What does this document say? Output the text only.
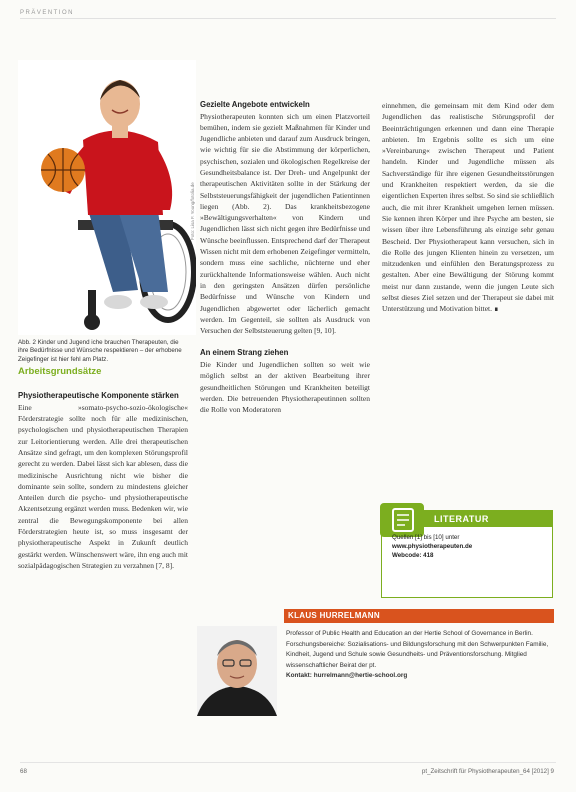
PRÄVENTION
Foto: Lisa F. Young/fotolia.de
Abb. 2 Kinder und Jugend iche brauchen Therapeuten, die ihre Bedürfnisse und Wünsche respektieren – der erhobene Zeigefinger ist hier fehl am Platz.
Arbeitsgrundsätze
Physiotherapeutische Komponente stärken

Eine »somato-psycho-sozio-ökologische« Förderstrategie sollte noch für alle medizinischen, psychologischen und physiotherapeutischen Therapien zur Leitorientierung werden. Alle drei therapeutischen Ansätze sind gefragt, um den komplexen Störungsprofil gerecht zu werden. Dabei lässt sich kar ablesen, dass die medizinische Ausrichtung nicht wie bisher die dominante sein sollte, sondern zu mindestens gleicher Anteilen durch die psycho- und physiotherapeutische Akzentsetzung ergänzt werden muss. Bedenken wir, wie zentral die Bewegungskomponente bei allen Förderstrategien heute ist, so muss insgesamt der physiotherapeutische Aspekt in Zukunft deutlich gestärkt werden. Wünschenswert wäre, ihn eng auch mit sozialpädagogischen Strategien zu verzahnen [7, 8].

Gezielte Angebote entwickeln

Physiotherapeuten konnten sich um einen Platzvorteil bemühen, indem sie gezielt Maßnahmen für Kinder und Jugendliche anbieten und darauf zum Ausdruck bringen, wie wichtig für sie die Abstimmung der körperlichen, psychischen, sozialen und ökologischen Regelkreise der Gesundheitsbalance ist. Der Dreh- und Angelpunkt der therapeutischen Aktivitäten sollte in der Stärkung der Selbststeuerungsfähigkeit der jugendlichen Patientinnen liegen (Abb. 2). Das krankheitsbezogene »Bewältigungsverhalten« von Kindern und Jugendlichen lässt sich nicht gegen ihre Bedürfnisse und Wünsche beeinflussen. Entsprechend darf der Therapeut Wissen nicht mit dem erhobenen Zeigefinger vermitteln, sondern muss eine sachliche, nüchterne und eher zurückhaltende Informationsweise wählen. Auch nicht in den geringsten Ansätzen dürfen persönliche Bedürfnisse und Wünsche von Kindern und Jugendlichen abgewertet oder lächerlich gemacht werden. Im Gegenteil, sie sollten als Ausdruck von Versuchen der Selbststeuerung gelten [9, 10].

An einem Strang ziehen

Die Kinder und Jugendlichen sollten so weit wie möglich selbst an der aktiven Bearbeitung ihrer gesundheitlichen Störungen und Krankheiten beteiligt werden. Die betreuenden Physiotherapeutinnen sollten die Rolle von Moderatoren

einnehmen, die gemeinsam mit dem Kind oder dem Jugendlichen das realistische Störungsprofil der Beeinträchtigungen erkennen und dann eine Therapie anbieten. Im Ergebnis sollte es sich um eine »Vereinbarung« zwischen Therapeut und Patient handeln. Kinder und Jugendliche müssen als Sachverständige für ihre eigenen Gesundheitsstörungen und Krankheiten respektiert werden, da sie die eigentlichen Experten ihres selbst. So sind sie schließlich auch, die mit ihrer Krankheit umgehen lernen müssen. Sie kennen ihren Körper und ihre Psyche am besten, sie wissen über ihre Lebensführung als einzige sehr genau Bescheid. Der Physiotherapeut kann versuchen, sich in die Rolle des jungen Klienten hinein zu versetzen, um mitzudenken und einfühlen den Beratungsprozess zu gestalten. Aber eine Bewältigung der Störung kommt meist nur dann zustande, wenn die jungen Leute sich selbst dieses Ziel setzen und der Therapeut sie dabei mit Unterstützung und Motivation bittet. ∎

LITERATUR
Quellen [1] bis [10] unter
www.physiotherapeuten.de
Webcode: 418
KLAUS HURRELMANN
Professor of Public Health and Education an der Hertie School of Governance in Berlin. Forschungsbereiche: Sozialisations- und Bildungsforschung mit den Schwerpunkten Familie, Kindheit, Jugend und Schule sowie Gesundheits- und Präventionsforschung. Mitglied wissenschaftlicher Beirat der pt.
Kontakt: hurrelmann@hertie-school.org
68	pt_Zeitschrift für Physiotherapeuten_64 [2012] 9
